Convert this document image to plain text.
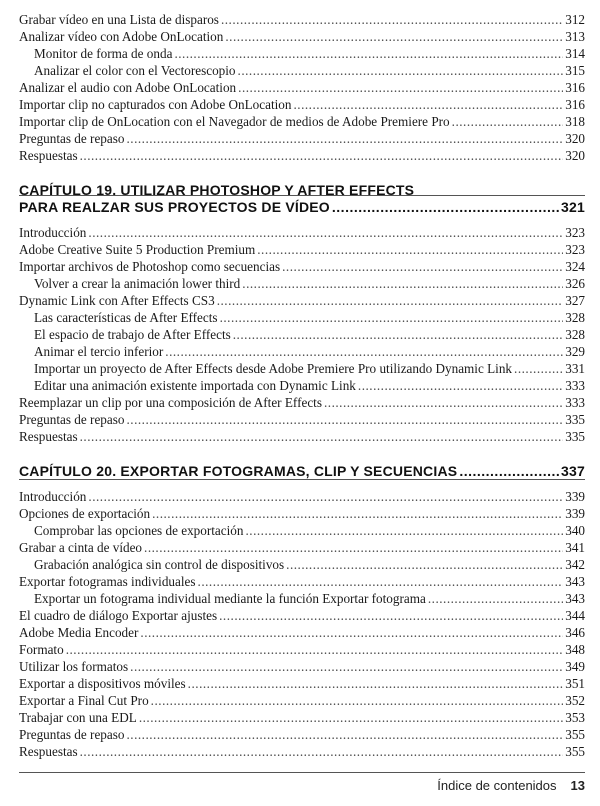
Grabar vídeo en una Lista de disparos .....	312
Analizar vídeo con Adobe OnLocation .....	313
Monitor de forma de onda .....	314
Analizar el color con el Vectorescopio .....	315
Analizar el audio con Adobe OnLocation .....	316
Importar clip no capturados con Adobe OnLocation .....	316
Importar clip de OnLocation con el Navegador de medios de Adobe Premiere Pro .....	318
Preguntas de repaso .....	320
Respuestas .....	320
CAPÍTULO 19. UTILIZAR PHOTOSHOP Y AFTER EFFECTS
PARA REALZAR SUS PROYECTOS DE VÍDEO .....	321
Introducción .....	323
Adobe Creative Suite 5 Production Premium .....	323
Importar archivos de Photoshop como secuencias .....	324
Volver a crear la animación lower third .....	326
Dynamic Link con After Effects CS3 .....	327
Las características de After Effects .....	328
El espacio de trabajo de After Effects .....	328
Animar el tercio inferior .....	329
Importar un proyecto de After Effects desde Adobe Premiere Pro utilizando Dynamic Link .....	331
Editar una animación existente importada con Dynamic Link .....	333
Reemplazar un clip por una composición de After Effects .....	333
Preguntas de repaso .....	335
Respuestas .....	335
CAPÍTULO 20. EXPORTAR FOTOGRAMAS, CLIP Y SECUENCIAS .....	337
Introducción .....	339
Opciones de exportación .....	339
Comprobar las opciones de exportación .....	340
Grabar a cinta de vídeo .....	341
Grabación analógica sin control de dispositivos .....	342
Exportar fotogramas individuales .....	343
Exportar un fotograma individual mediante la función Exportar fotograma .....	343
El cuadro de diálogo Exportar ajustes .....	344
Adobe Media Encoder .....	346
Formato .....	348
Utilizar los formatos .....	349
Exportar a dispositivos móviles .....	351
Exportar a Final Cut Pro .....	352
Trabajar con una EDL .....	353
Preguntas de repaso .....	355
Respuestas .....	355
Índice de contenidos 13
